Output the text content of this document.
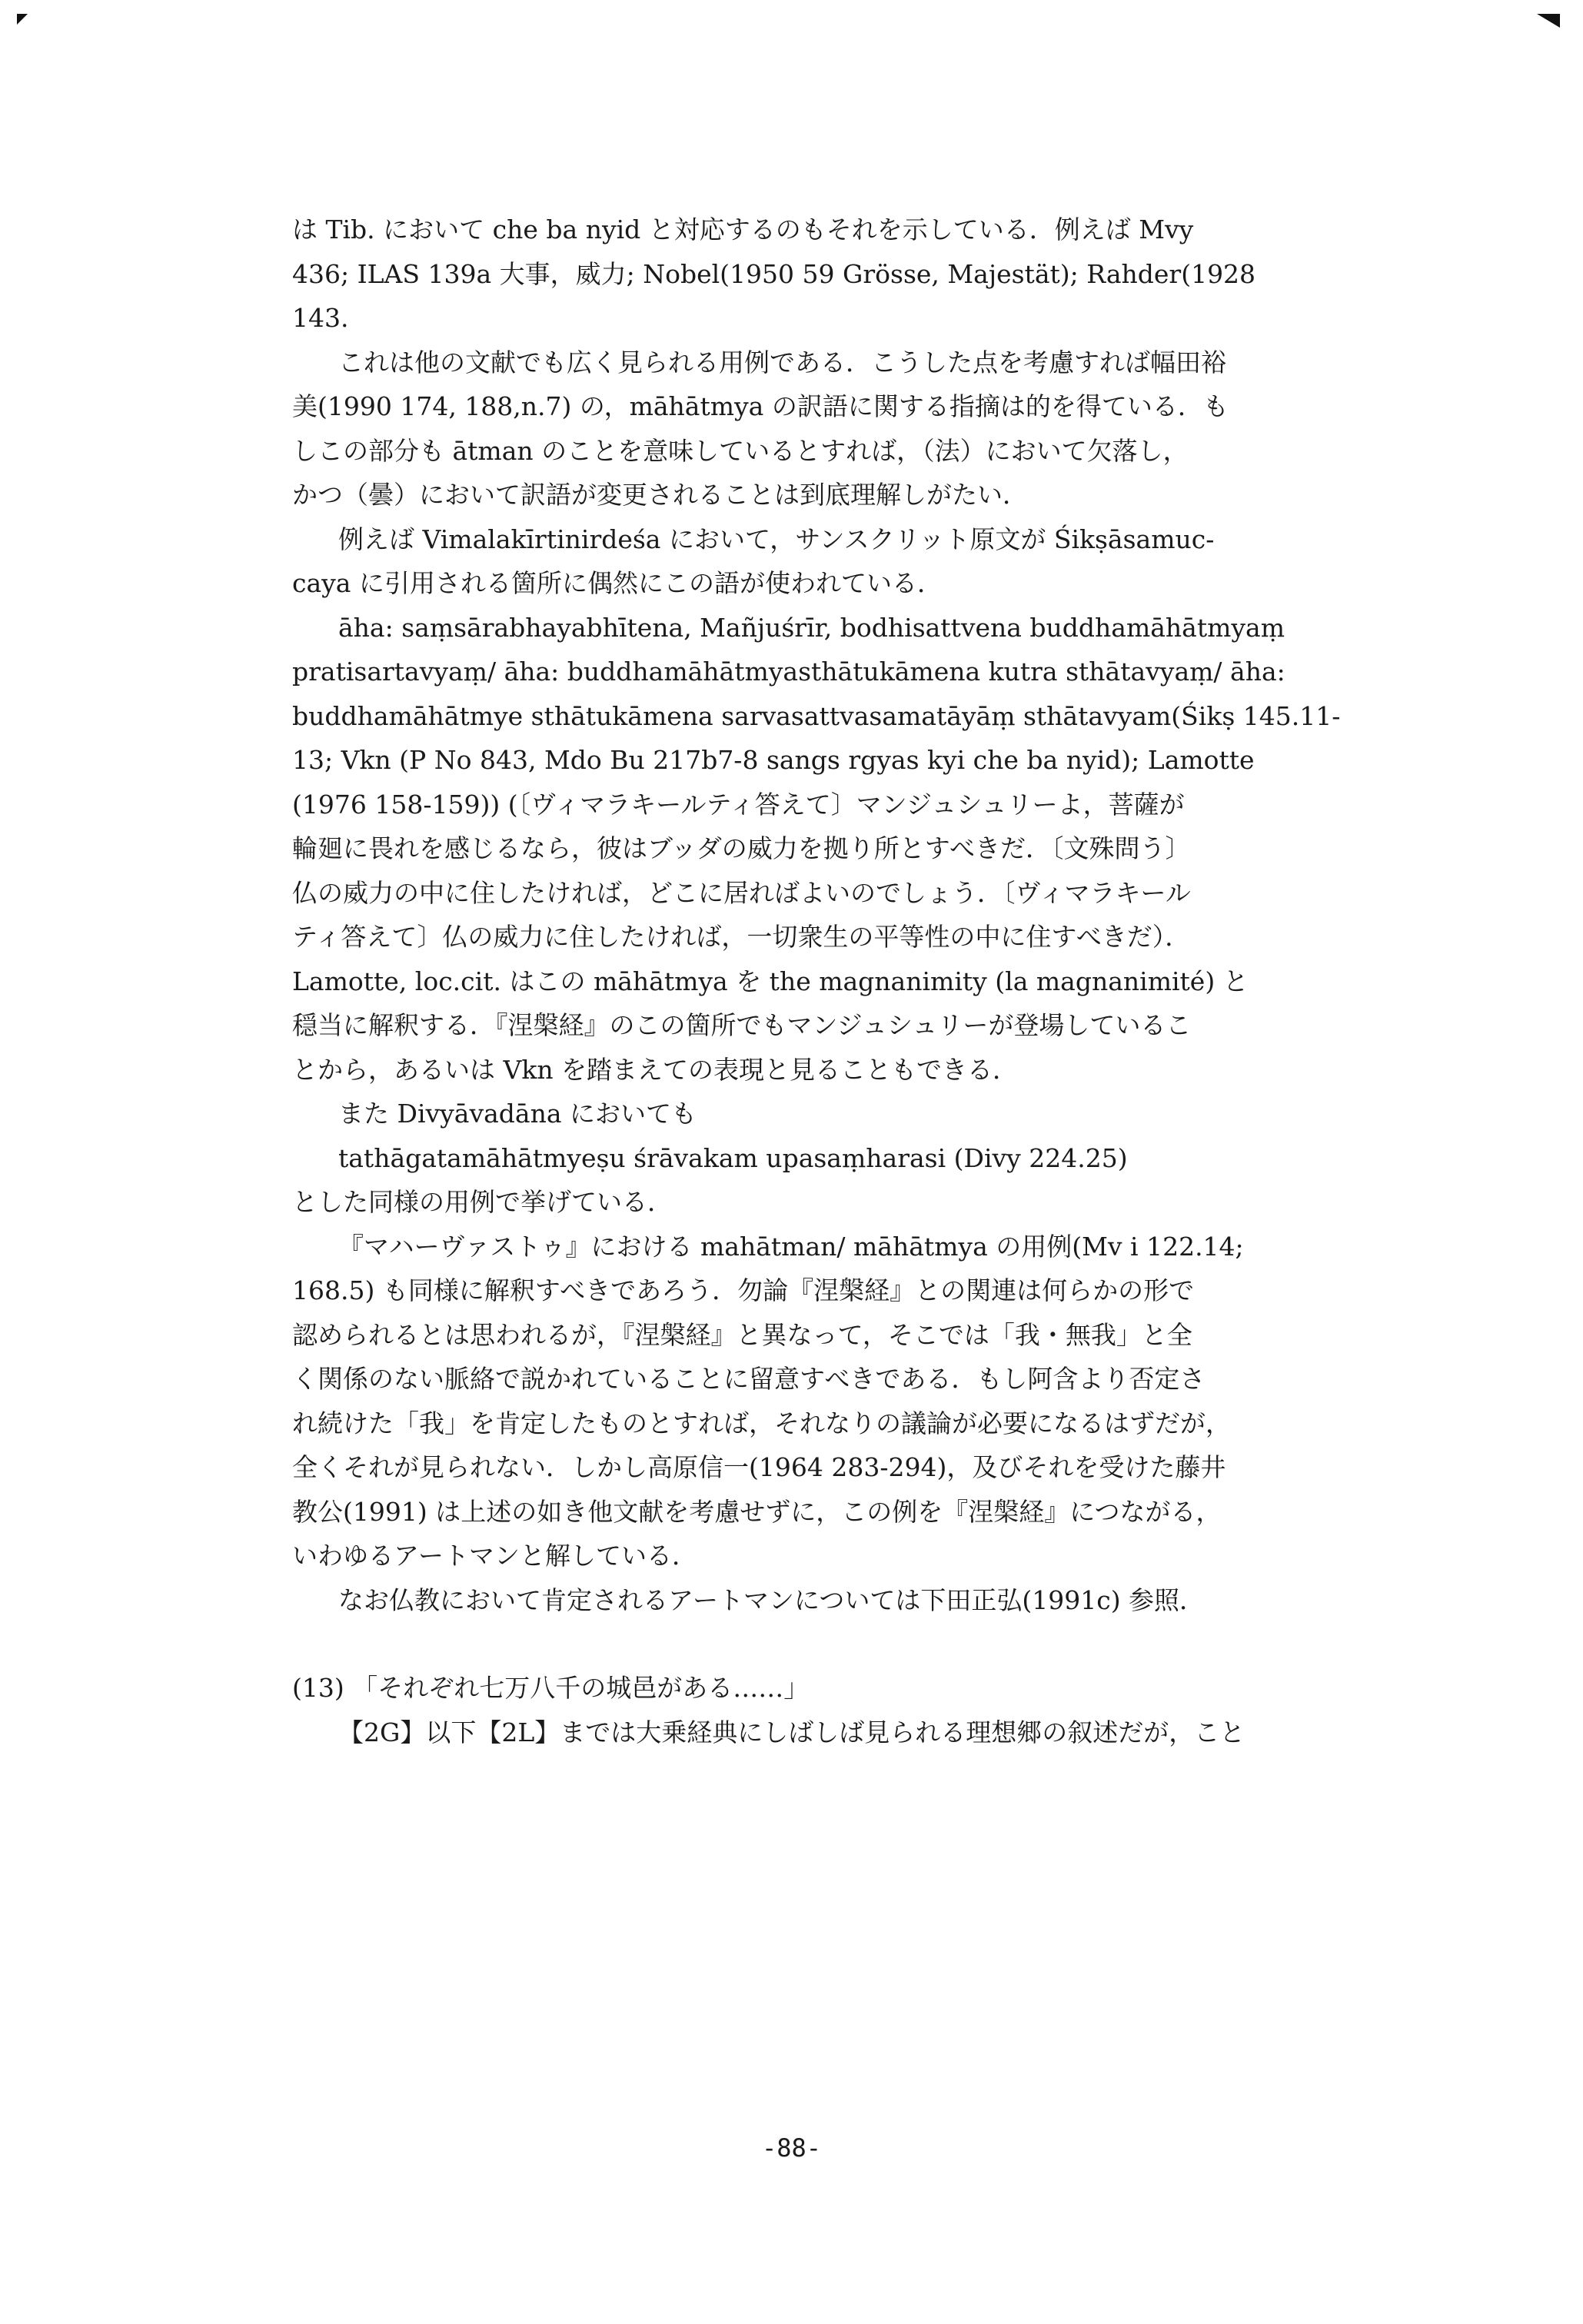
は Tib. において che ba nyid と対応するのもそれを示している．例えば Mvy
436; ILAS 139a 大事，威力; Nobel(1950 59 Grösse, Majestät); Rahder(1928
143.
これは他の文献でも広く見られる用例である．こうした点を考慮すれば幅田裕
美(1990 174, 188,n.7) の，māhātmya の訳語に関する指摘は的を得ている．も
しこの部分も ātman のことを意味しているとすれば，（法）において欠落し，
かつ（曇）において訳語が変更されることは到底理解しがたい．
例えば Vimalakīrtinirdeśa において，サンスクリット原文が Śikṣāsamuc-
caya に引用される箇所に偶然にこの語が使われている．
āha: saṃsārabhayabhītena, Mañjuśrīr, bodhisattvena buddhamāhātmyaṃ
pratisartavyaṃ/ āha: buddhamāhātmyasthātukāmena kutra sthātavyaṃ/ āha:
buddhamāhātmye sthātukāmena sarvasattvasamatāyāṃ sthātavyam(Śikṣ 145.11-
13; Vkn (P No 843, Mdo Bu 217b7-8 sangs rgyas kyi che ba nyid); Lamotte
(1976 158-159)) (〔ヴィマラキールティ答えて〕マンジュシュリーよ，菩薩が
輪廻に畏れを感じるなら，彼はブッダの威力を拠り所とすべきだ．〔文殊問う〕
仏の威力の中に住したければ，どこに居ればよいのでしょう．〔ヴィマラキール
ティ答えて〕仏の威力に住したければ，一切衆生の平等性の中に住すべきだ）．
Lamotte, loc.cit. はこの māhātmya を the magnanimity (la magnanimité) と
穏当に解釈する．『涅槃経』のこの箇所でもマンジュシュリーが登場しているこ
とから，あるいは Vkn を踏まえての表現と見ることもできる．
また Divyāvadāna においても
tathāgatamāhātmyeṣu śrāvakam upasaṃharasi (Divy 224.25)
とした同様の用例で挙げている．
『マハーヴァストゥ』における mahātman/ māhātmya の用例(Mv i 122.14;
168.5) も同様に解釈すべきであろう．勿論『涅槃経』との関連は何らかの形で
認められるとは思われるが，『涅槃経』と異なって，そこでは「我・無我」と全
く関係のない脈絡で説かれていることに留意すべきである．もし阿含より否定さ
れ続けた「我」を肯定したものとすれば，それなりの議論が必要になるはずだが，
全くそれが見られない．しかし高原信一(1964 283-294)，及びそれを受けた藤井
教公(1991) は上述の如き他文献を考慮せずに，この例を『涅槃経』につながる，
いわゆるアートマンと解している．
なお仏教において肯定されるアートマンについては下田正弘(1991c) 参照．
(13) 「それぞれ七万八千の城邑がある……」
【2G】以下【2L】までは大乗経典にしばしば見られる理想郷の叙述だが，こと
-88-
